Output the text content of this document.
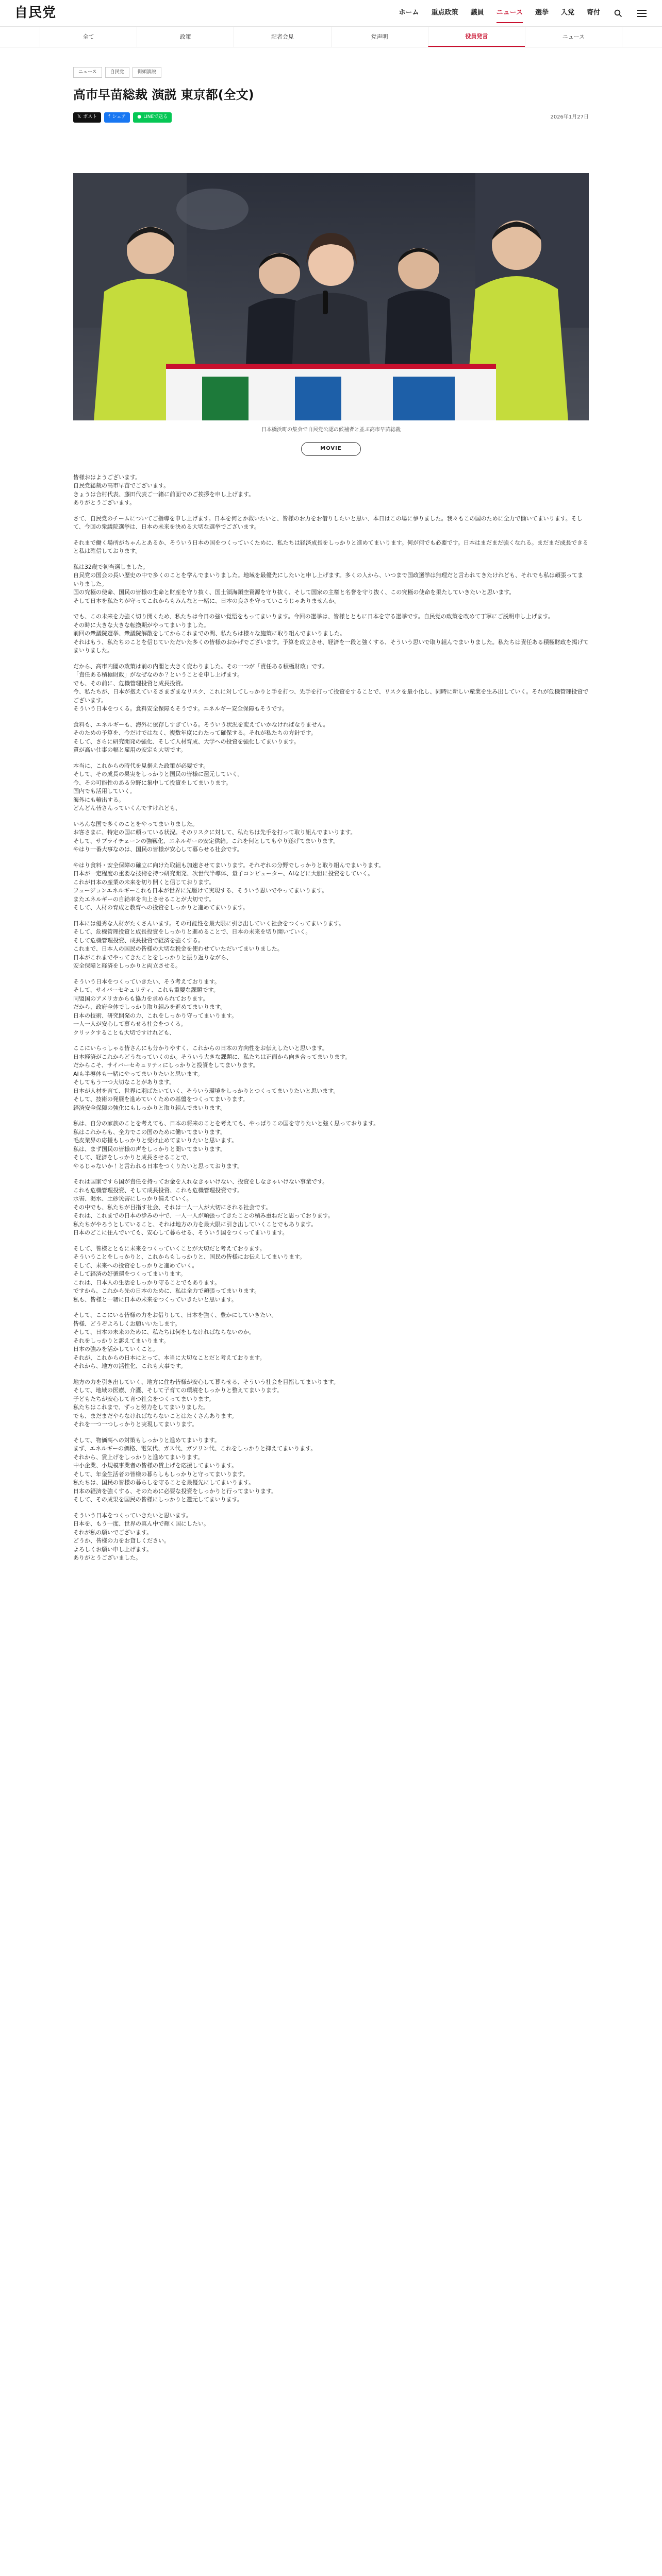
自民党	ホーム 重点政策 議員 ニュース 選挙 入党 寄付
全て	政策	記者会見	党声明	役員発言	ニュース
ニュース	自民党	街頭演説
高市早苗総裁 演説 東京都(全文)
𝕏 ポスト f シェア ● LINEで送る	2026年1月27日

日本橋浜町の集会で自民党公認の候補者と並ぶ高市早苗総裁

MOVIE

皆様おはようございます。

自民党総裁の高市早苗でございます。

きょうは合村代表、藤田代表ご一緒に前面でのご挨拶を申し上げます。

ありがとうございます。

さて、自民党のチームについてご指導を申し上げます。日本を何とか救いたいと、皆様のお力をお借りしたいと思い、本日はこの場に参りました。我々もこの国のために全力で働いてまいります。そして、今回の衆議院選挙は、日本の未来を決める大切な選挙でございます。

それまで働く場所がちゃんとあるか、そういう日本の国をつくっていくために、私たちは経済成長をしっかりと進めてまいります。何が何でも必要です。日本はまだまだ強くなれる。まだまだ成長できると私は確信しております。

私は32歳で初当選しました。

自民党の国会の長い歴史の中で多くのことを学んでまいりました。地域を最優先にしたいと申し上げます。多くの人から、いつまで国政選挙は無理だと言われてきたけれども、それでも私は頑張ってまいりました。

国の究極の使命、国民の皆様の生命と財産を守り抜く、国土領海領空資源を守り抜く、そして国家の主権と名誉を守り抜く、この究極の使命を果たしていきたいと思います。

そして日本を私たちが守ってこれからもみんなと一緒に、日本の良さを守っていこうじゃありませんか。

でも、この未来を力強く切り開くため、私たちは今日の強い覚悟をもってまいります。今回の選挙は、皆様とともに日本を守る選挙です。自民党の政策を改めて丁寧にご説明申し上げます。

その時に大きな大きな転換期がやってまいりました。

前回の衆議院選挙、衆議院解散をしてからこれまでの間、私たちは様々な施策に取り組んでまいりました。

それはもう、私たちのことを信じていただいた多くの皆様のおかげでございます。予算を成立させ、経済を一段と強くする、そういう思いで取り組んでまいりました。私たちは責任ある積極財政を掲げてまいりました。

だから、高市内閣の政策は前の内閣と大きく変わりました。その一つが「責任ある積極財政」です。

「責任ある積極財政」がなぜなのか？ということを申し上げます。

でも、その前に、危機管理投資と成長投資。

今、私たちが、日本が抱えているさまざまなリスク、これに対してしっかりと手を打つ、先手を打って投資をすることで、リスクを最小化し、同時に新しい産業を生み出していく。それが危機管理投資でございます。

そういう日本をつくる。食料安全保障もそうです。エネルギー安全保障もそうです。

食料も、エネルギーも、海外に依存しすぎている。そういう状況を変えていかなければなりません。

そのための予算を、今だけではなく、複数年度にわたって確保する。それが私たちの方針です。

そして、さらに研究開発の強化、そして人材育成、大学への投資を強化してまいります。

質が高い仕事の幅と雇用の安定も大切です。

本当に、これからの時代を見据えた政策が必要です。

そして、その成長の果実をしっかりと国民の皆様に還元していく。

今、その可能性のある分野に集中して投資をしてまいります。

国内でも活用していく。

海外にも輸出する。

どんどん皆さんっていくんですけれども、

いろんな国で多くのことをやってまいりました。

お客さまに、特定の国に頼っている状況。そのリスクに対して、私たちは先手を打って取り組んでまいります。

そして、サプライチェーンの強靱化、エネルギーの安定供給。これを何としてもやり遂げてまいります。

やはり一番大事なのは、国民の皆様が安心して暮らせる社会です。

やはり食料・安全保障の確立に向けた取組も加速させてまいります。それぞれの分野でしっかりと取り組んでまいります。

日本が一定程度の重要な技術を持つ研究開発、次世代半導体、量子コンピューター、AIなどに大胆に投資をしていく。

これが日本の産業の未来を切り開くと信じております。

フュージョンエネルギーこれも日本が世界に先駆けて実現する、そういう思いでやってまいります。

またエネルギーの自給率を向上させることが大切です。

そして、人材の育成と教育への投資をしっかりと進めてまいります。

日本には優秀な人材がたくさんいます。その可能性を最大限に引き出していく社会をつくってまいります。

そして、危機管理投資と成長投資をしっかりと進めることで、日本の未来を切り開いていく。

そして危機管理投資、成長投資で経済を強くする。

これまで、日本人の国民の皆様の大切な税金を使わせていただいてまいりました。

日本がこれまでやってきたことをしっかりと振り返りながら、

安全保障と経済をしっかりと両立させる。

そういう日本をつくっていきたい、そう考えております。

そして、サイバーセキュリティ、これも重要な課題です。

同盟国のアメリカからも協力を求められております。

だから、政府全体でしっかり取り組みを進めてまいります。

日本の技術、研究開発の力、これをしっかり守ってまいります。

一人一人が安心して暮らせる社会をつくる。

クリックすることも大切ですけれども、

ここにいらっしゃる皆さんにも分かりやすく、これからの日本の方向性をお伝えしたいと思います。

日本経済がこれからどうなっていくのか。そういう大きな課題に、私たちは正面から向き合ってまいります。

だからこそ、サイバーセキュリティにしっかりと投資をしてまいります。

AIも半導体も一緒にやってまいりたいと思います。

そしてもう一つ大切なことがあります。

日本が人材を育て、世界に羽ばたいていく、そういう環境をしっかりとつくってまいりたいと思います。

そして、技術の発展を進めていくための基盤をつくってまいります。

経済安全保障の強化にもしっかりと取り組んでまいります。

私は、自分の家族のことを考えても、日本の将来のことを考えても、やっぱりこの国を守りたいと強く思っております。

私はこれからも、全力でこの国のために働いてまいります。

毛皮業界の応援もしっかりと受け止めてまいりたいと思います。

私は、まず国民の皆様の声をしっかりと聞いてまいります。

そして、経済をしっかりと成長させることで、

やるじゃないか！と言われる日本をつくりたいと思っております。

それは国家ですら国が責任を持ってお金を入れなきゃいけない、投資をしなきゃいけない事業です。

これも危機管理投資、そして成長投資、これも危機管理投資です。

水害、渇水、土砂災害にしっかり備えていく。

その中でも、私たちが目指す社会、それは一人一人が大切にされる社会です。

それは、これまでの日本の歩みの中で、一人一人が頑張ってきたことの積み重ねだと思っております。

私たちがやろうとしていること、それは地方の力を最大限に引き出していくことでもあります。

日本のどこに住んでいても、安心して暮らせる、そういう国をつくってまいります。

そして、皆様とともに未来をつくっていくことが大切だと考えております。

そういうことをしっかりと、これからもしっかりと、国民の皆様にお伝えしてまいります。

そして、未来への投資をしっかりと進めていく。

そして経済の好循環をつくってまいります。

これは、日本人の生活をしっかり守ることでもあります。

ですから、これから先の日本のために、私は全力で頑張ってまいります。

私も、皆様と一緒に日本の未来をつくっていきたいと思います。

そして、ここにいる皆様の力をお借りして、日本を強く、豊かにしていきたい。

皆様、どうぞよろしくお願いいたします。

そして、日本の未来のために、私たちは何をしなければならないのか。

それをしっかりと訴えてまいります。

日本の強みを活かしていくこと。

それが、これからの日本にとって、本当に大切なことだと考えております。

それから、地方の活性化、これも大事です。

地方の力を引き出していく、地方に住む皆様が安心して暮らせる、そういう社会を目指してまいります。

そして、地域の医療、介護、そして子育ての環境をしっかりと整えてまいります。

子どもたちが安心して育つ社会をつくってまいります。

私たちはこれまで、ずっと努力をしてまいりました。

でも、まだまだやらなければならないことはたくさんあります。

それを一つ一つしっかりと実現してまいります。

そして、物価高への対策もしっかりと進めてまいります。

まず、エネルギーの価格、電気代、ガス代、ガソリン代、これをしっかりと抑えてまいります。

それから、賃上げをしっかりと進めてまいります。

中小企業、小規模事業者の皆様の賃上げを応援してまいります。

そして、年金生活者の皆様の暮らしもしっかりと守ってまいります。

私たちは、国民の皆様の暮らしを守ることを最優先にしてまいります。

日本の経済を強くする、そのために必要な投資をしっかりと行ってまいります。

そして、その成果を国民の皆様にしっかりと還元してまいります。

そういう日本をつくっていきたいと思います。

日本を、もう一度、世界の真ん中で輝く国にしたい。

それが私の願いでございます。

どうか、皆様の力をお貸しください。

よろしくお願い申し上げます。

ありがとうございました。
